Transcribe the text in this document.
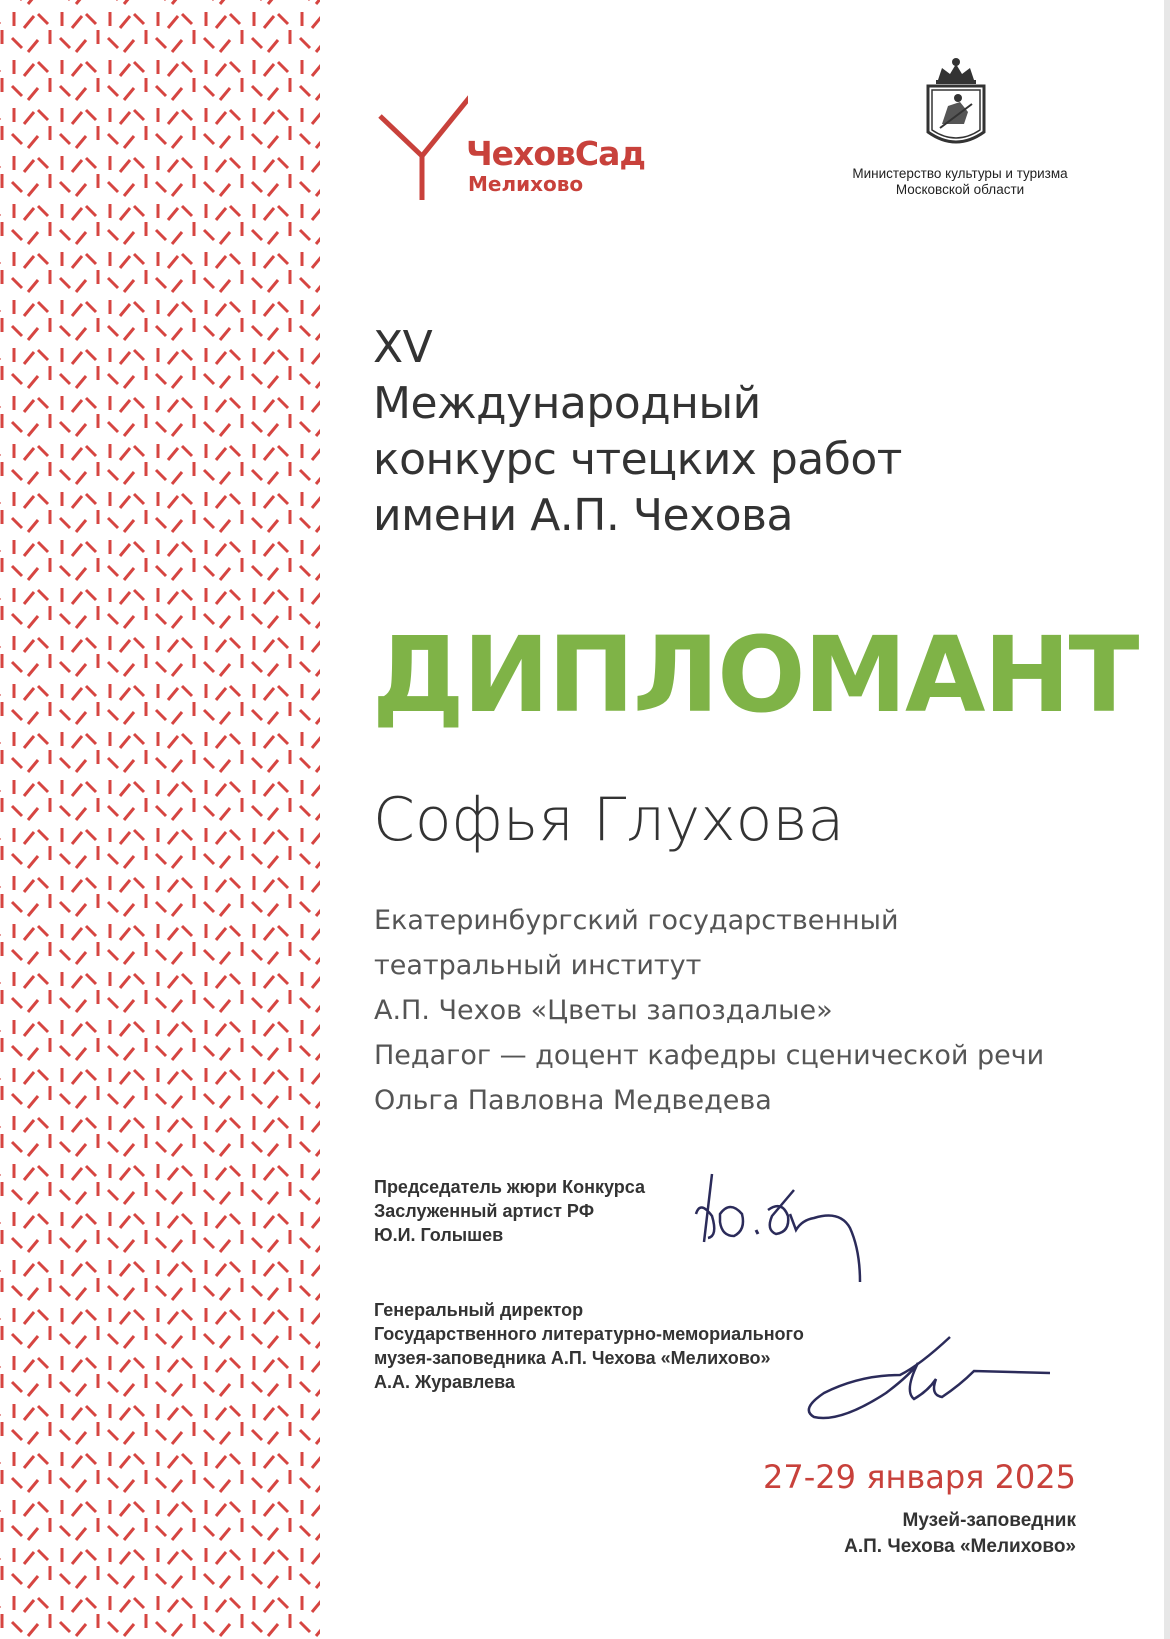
ЧеховСад
Мелихово	Министерство культуры и туризма
Московской области
XV
Международный
конкурс чтецких работ
имени А.П. Чехова
ДИПЛОМАНТ
Софья Глухова
Екатеринбургский государственный
театральный институт
А.П. Чехов «Цветы запоздалые»
Педагог — доцент кафедры сценической речи
Ольга Павловна Медведева
Председатель жюри Конкурса
Заслуженный артист РФ
Ю.И. Голышев
Генеральный директор
Государственного литературно-мемориального
музея-заповедника А.П. Чехова «Мелихово»
А.А. Журавлева
27-29 января 2025
Музей-заповедник
А.П. Чехова «Мелихово»
